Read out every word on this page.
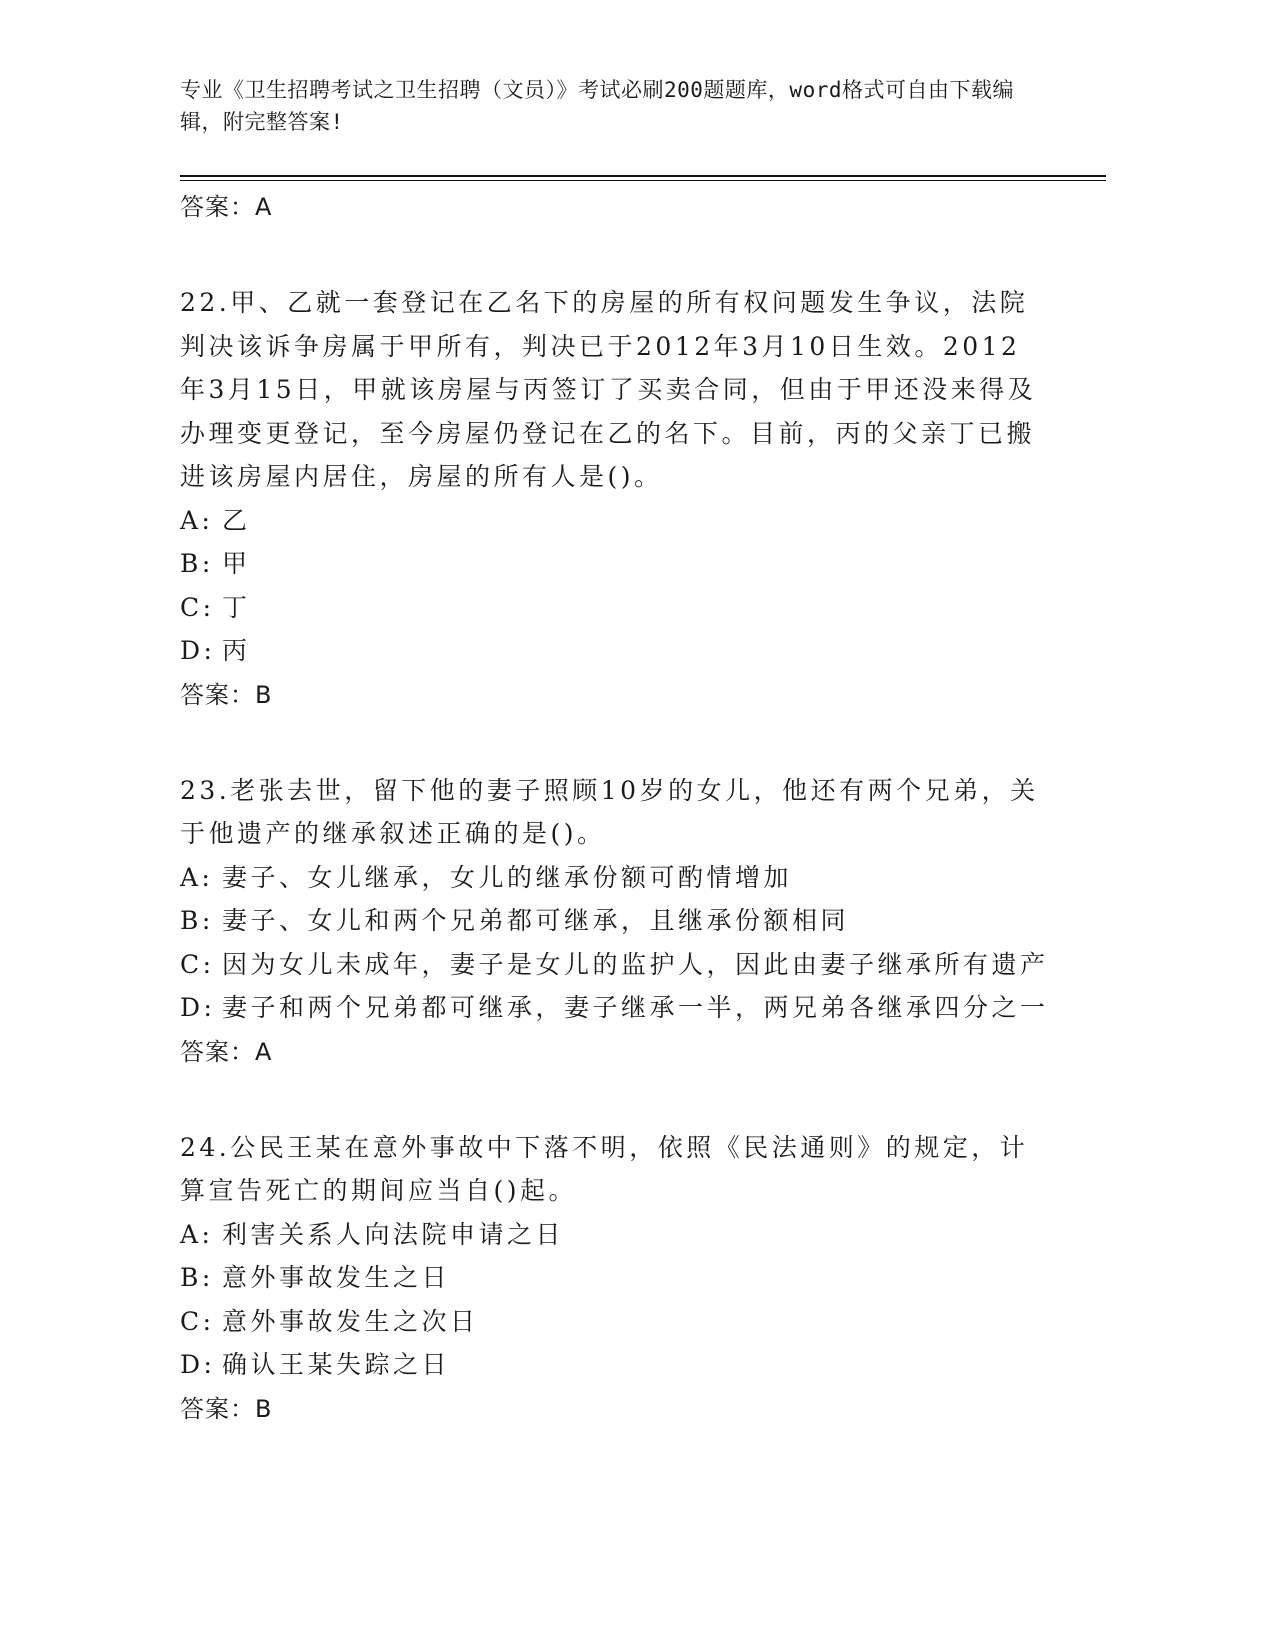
专业《卫生招聘考试之卫生招聘（文员）》考试必刷200题题库，word格式可自由下载编辑，附完整答案!

答案：A

22.甲、乙就一套登记在乙名下的房屋的所有权问题发生争议，法院判决该诉争房属于甲所有，判决已于2012年3月10日生效。2012年3月15日，甲就该房屋与丙签订了买卖合同，但由于甲还没来得及办理变更登记，至今房屋仍登记在乙的名下。目前，丙的父亲丁已搬进该房屋内居住，房屋的所有人是()。

A: 乙

B: 甲

C: 丁

D: 丙

答案：B

23.老张去世，留下他的妻子照顾10岁的女儿，他还有两个兄弟，关于他遗产的继承叙述正确的是()。

A: 妻子、女儿继承，女儿的继承份额可酌情增加

B: 妻子、女儿和两个兄弟都可继承，且继承份额相同

C: 因为女儿未成年，妻子是女儿的监护人，因此由妻子继承所有遗产

D: 妻子和两个兄弟都可继承，妻子继承一半，两兄弟各继承四分之一

答案：A

24.公民王某在意外事故中下落不明，依照《民法通则》的规定，计算宣告死亡的期间应当自()起。

A: 利害关系人向法院申请之日

B: 意外事故发生之日

C: 意外事故发生之次日

D: 确认王某失踪之日

答案：B
